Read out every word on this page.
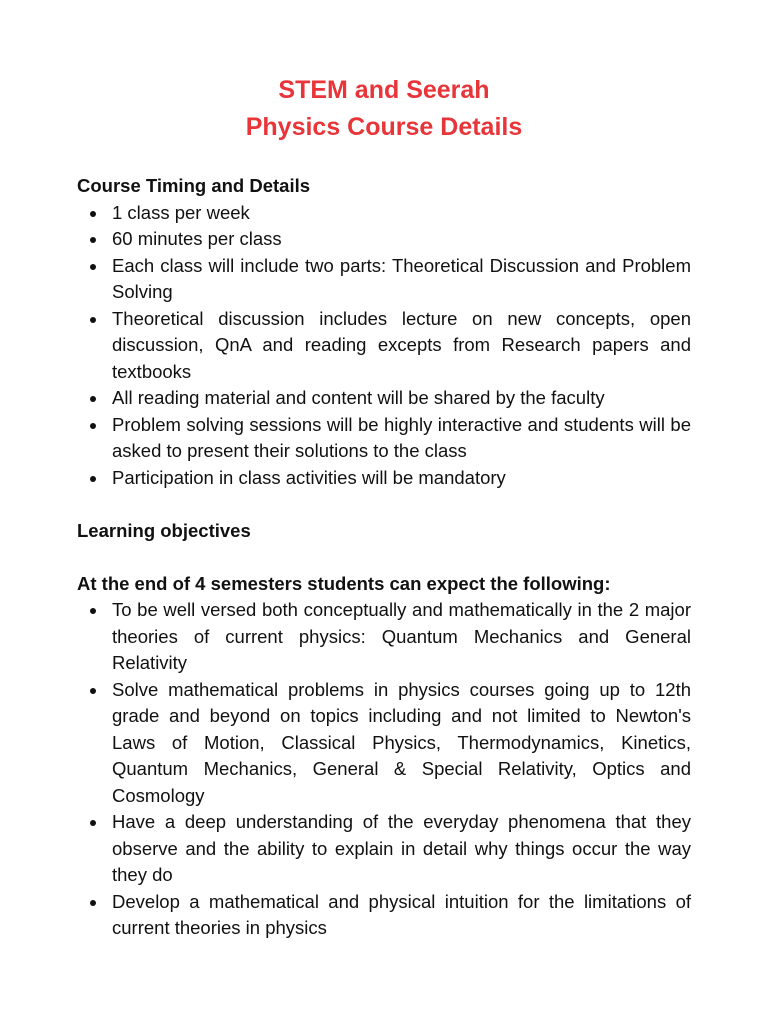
STEM and Seerah
Physics Course Details
Course Timing and Details
1 class per week
60 minutes per class
Each class will include two parts: Theoretical Discussion and Problem Solving
Theoretical discussion includes lecture on new concepts, open discussion, QnA and reading excepts from Research papers and textbooks
All reading material and content will be shared by the faculty
Problem solving sessions will be highly interactive and students will be asked to present their solutions to the class
Participation in class activities will be mandatory
Learning objectives
At the end of 4 semesters students can expect the following:
To be well versed both conceptually and mathematically in the 2 major theories of current physics: Quantum Mechanics and General Relativity
Solve mathematical problems in physics courses going up to 12th grade and beyond on topics including and not limited to Newton's Laws of Motion, Classical Physics, Thermodynamics, Kinetics, Quantum Mechanics, General & Special Relativity, Optics and Cosmology
Have a deep understanding of the everyday phenomena that they observe and the ability to explain in detail why things occur the way they do
Develop a mathematical and physical intuition for the limitations of current theories in physics
